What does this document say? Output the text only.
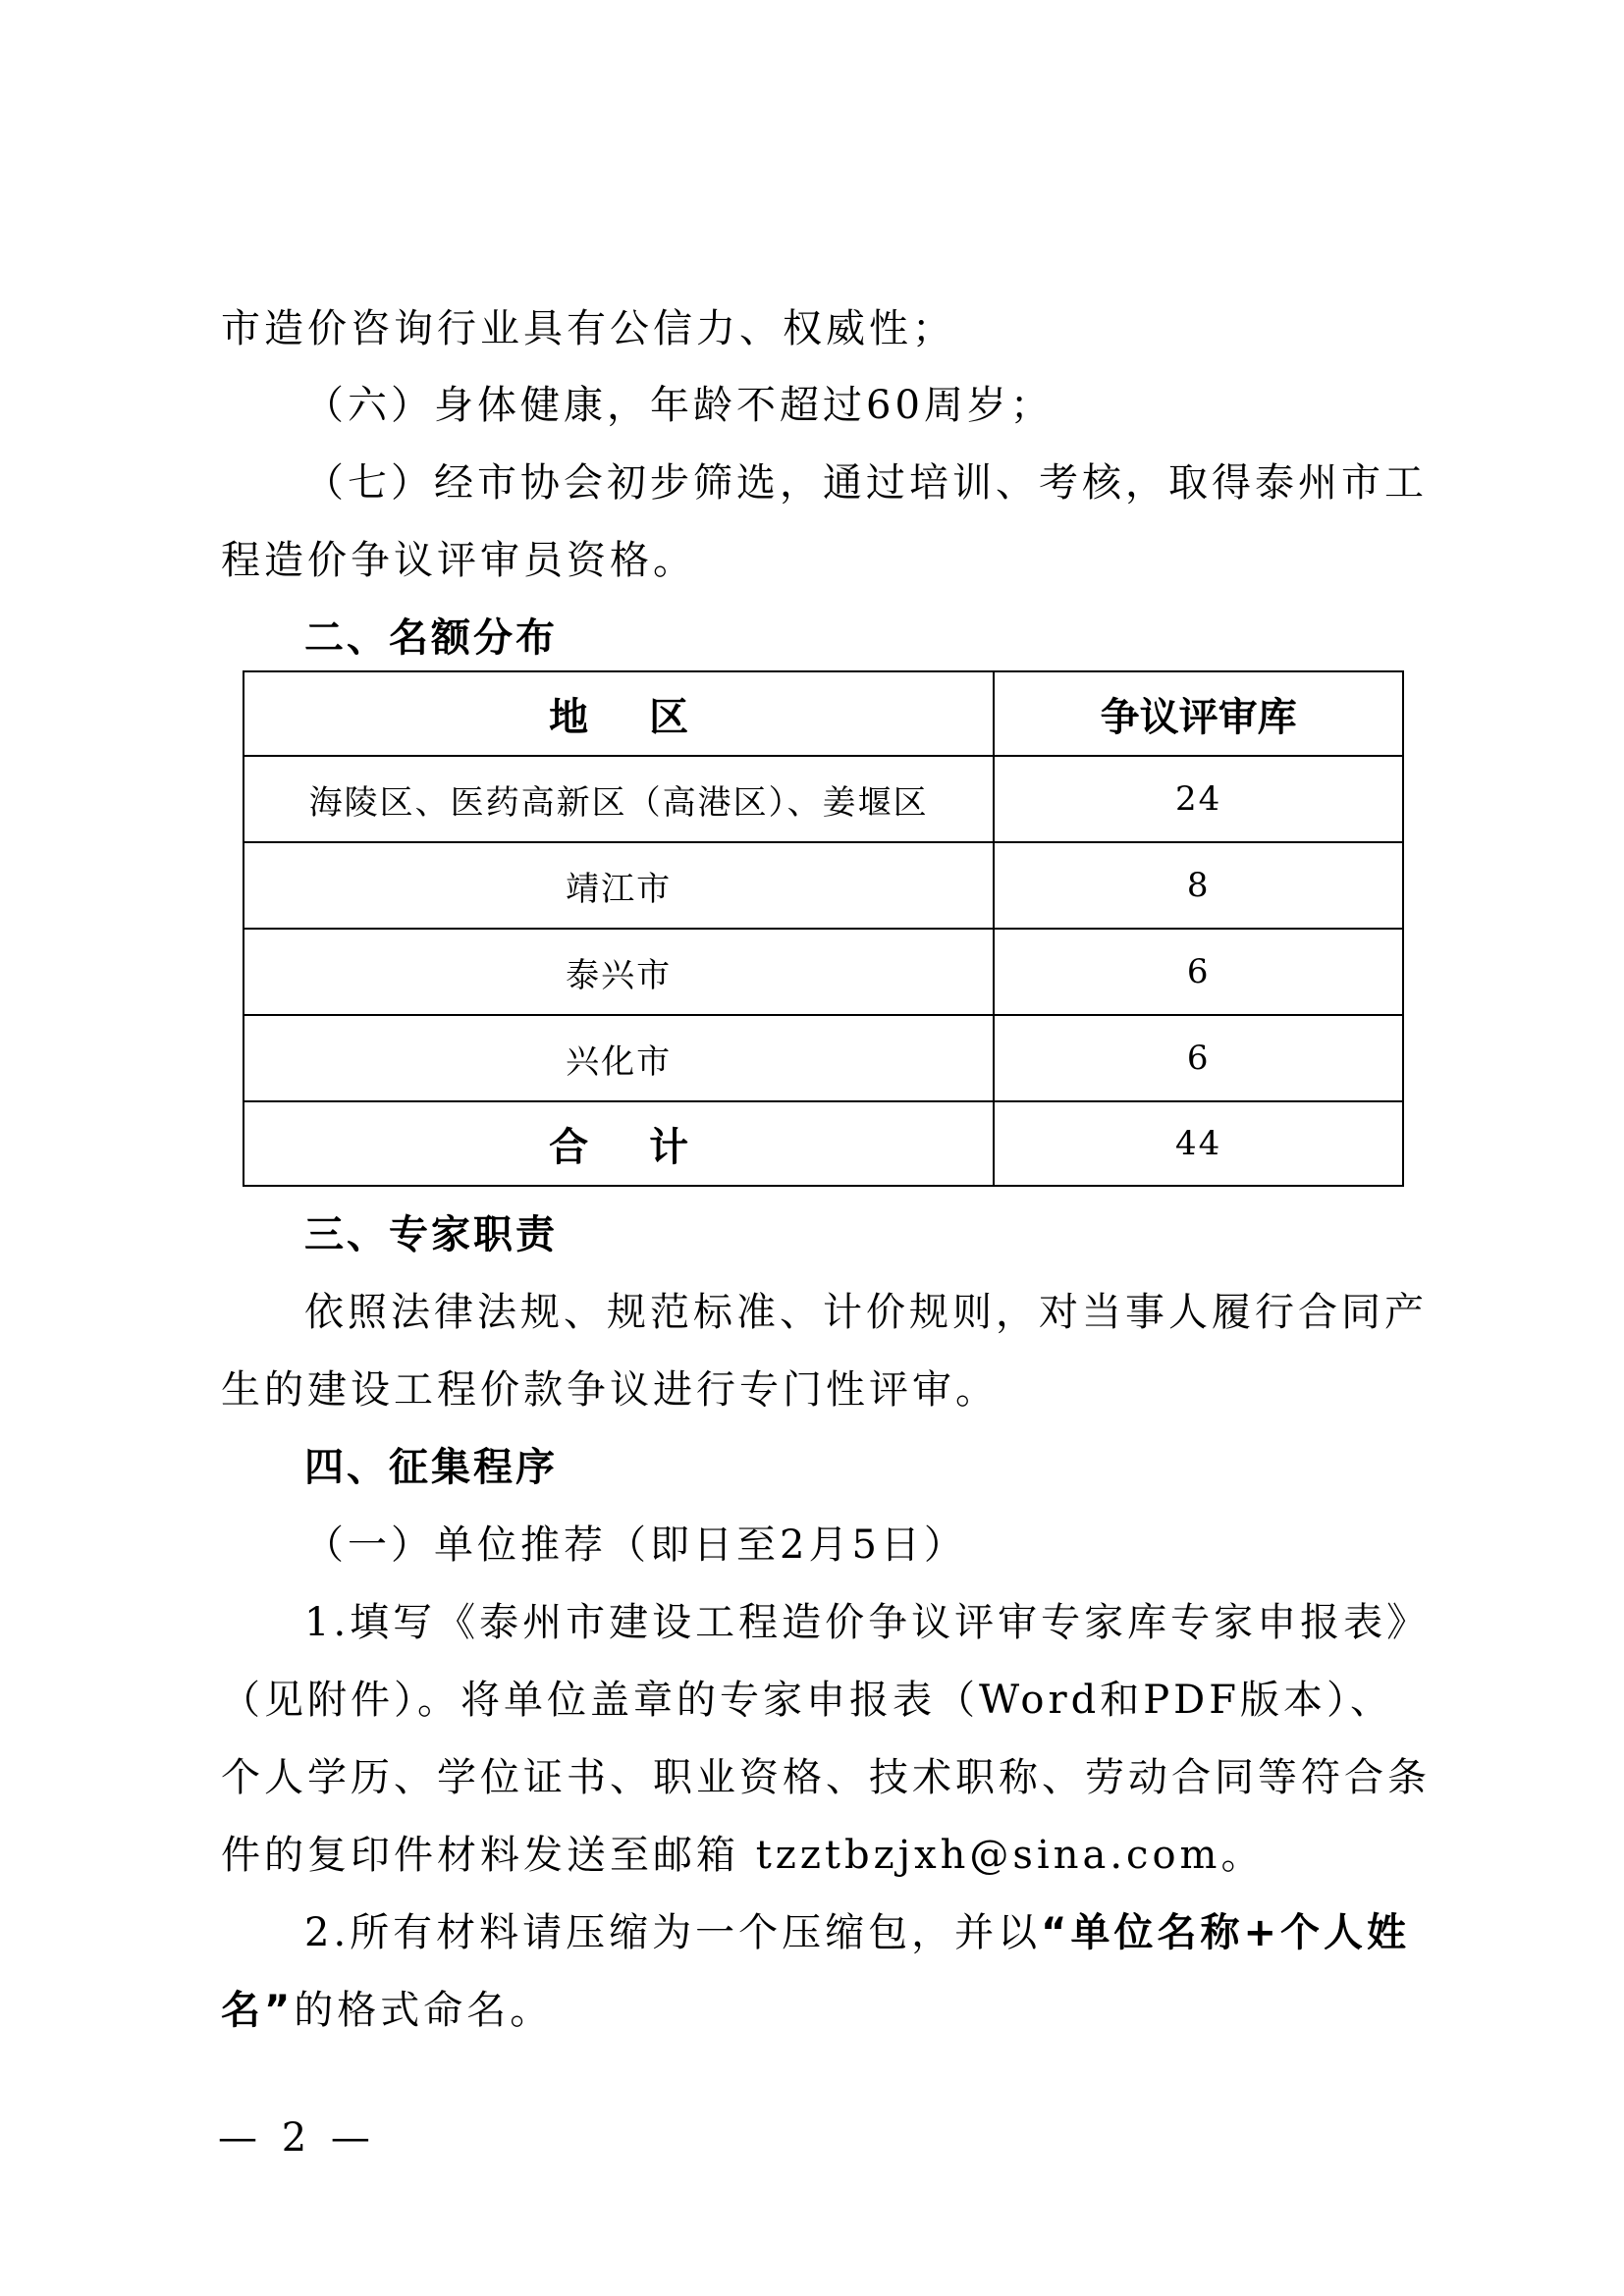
市造价咨询行业具有公信力、权威性；
（六）身体健康，年龄不超过60周岁；
（七）经市协会初步筛选，通过培训、考核，取得泰州市工
程造价争议评审员资格。
二、名额分布
地区	争议评审库
海陵区、医药高新区（高港区）、姜堰区	24
靖江市	8
泰兴市	6
兴化市	6
合计	44
三、专家职责
依照法律法规、规范标准、计价规则，对当事人履行合同产
生的建设工程价款争议进行专门性评审。
四、征集程序
（一）单位推荐（即日至2月5日）
1.填写《泰州市建设工程造价争议评审专家库专家申报表》
（见附件）。将单位盖章的专家申报表（Word和PDF版本）、
个人学历、学位证书、职业资格、技术职称、劳动合同等符合条
件的复印件材料发送至邮箱 tzztbzjxh@sina.com。
2.所有材料请压缩为一个压缩包，并以“单位名称+个人姓
名”的格式命名。
— 2 —
